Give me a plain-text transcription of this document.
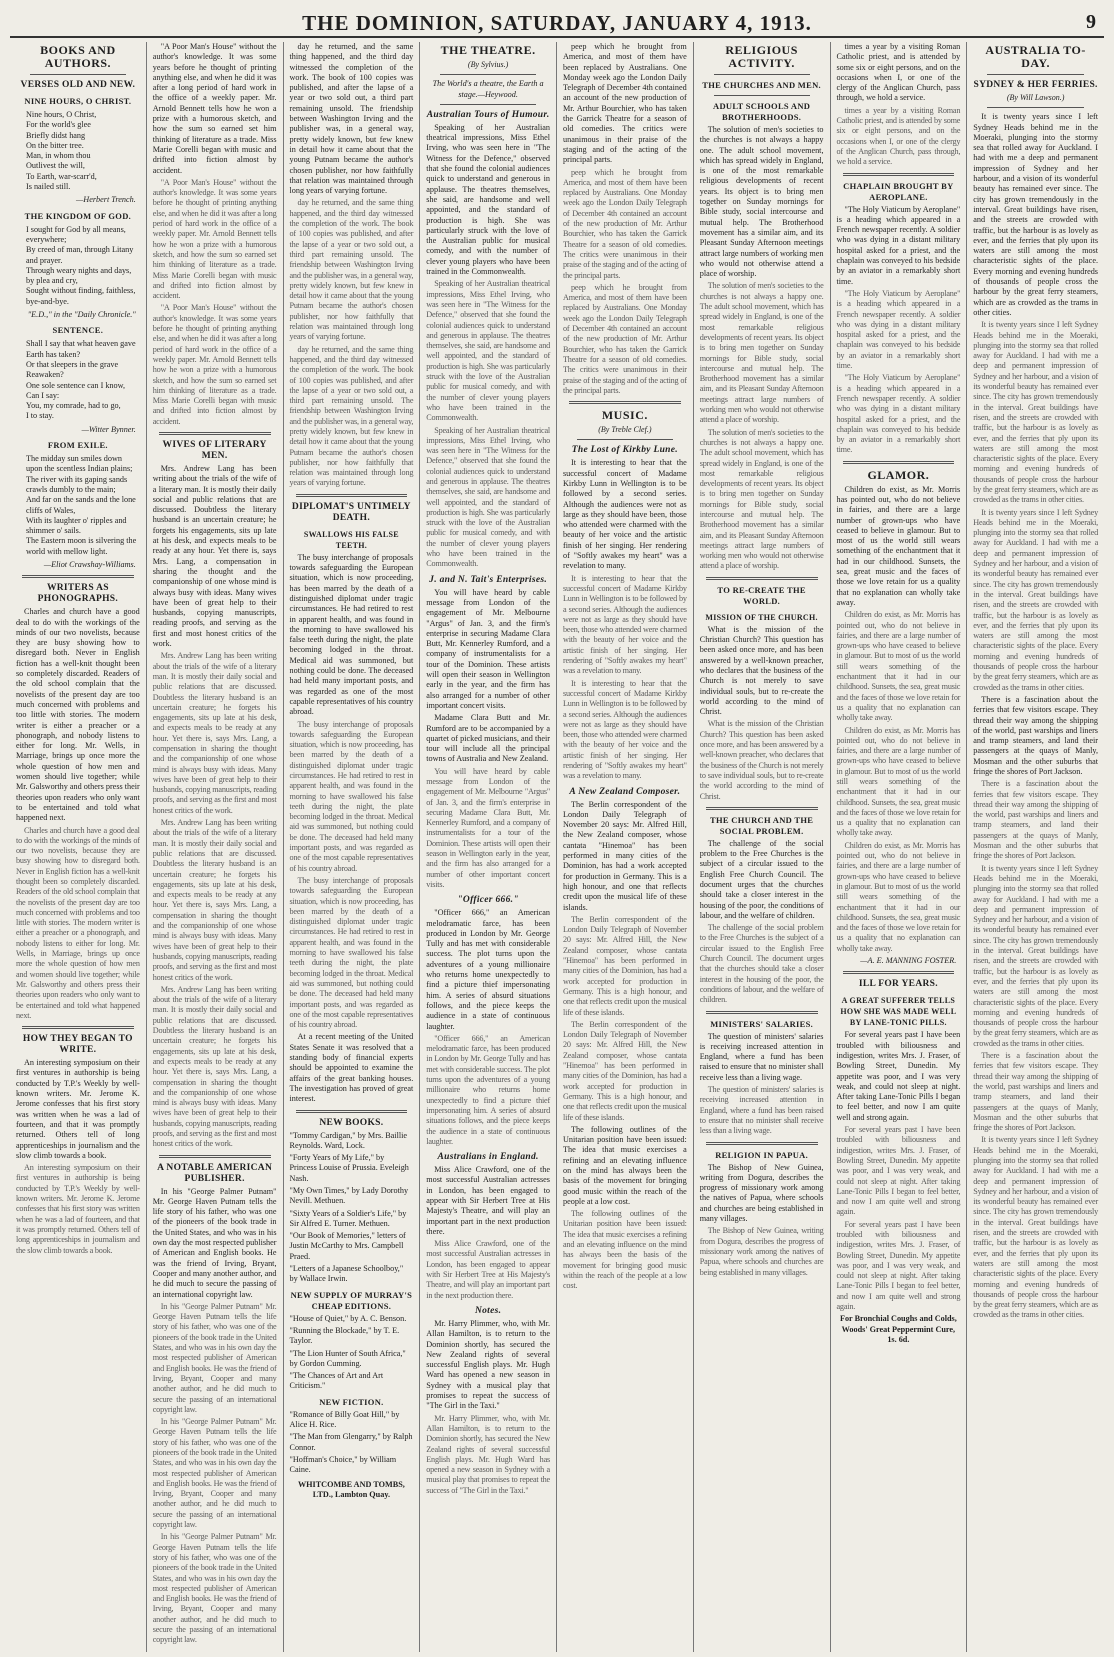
THE DOMINION, SATURDAY, JANUARY 4, 1913.	9
BOOKS AND AUTHORS.
VERSES OLD AND NEW.
NINE HOURS, O CHRIST.

Nine hours, O Christ,

For the world's glee

Briefly didst hang

On the bitter tree.

Man, in whom thou

Outlivest the will,

To Earth, war-scarr'd,

Is nailed still.

—Herbert Trench.
THE KINGDOM OF GOD.

I sought for God by all means, everywhere;

By creed of man, through Litany and prayer.

Through weary nights and days, by plea and cry,

Sought without finding, faithless, bye-and-bye.

"E.D.," in the "Daily Chronicle."
SENTENCE.

Shall I say that what heaven gave

Earth has taken?

Or that sleepers in the grave

Reawaken?

One sole sentence can I know,

Can I say:

You, my comrade, had to go,

I to stay.

—Witter Bynner.
FROM EXILE.

The midday sun smiles down upon the scentless Indian plains;

The river with its gaping sands crawls dumbly to the main;

And far on the sands and the lone cliffs of Wales,

With its laughter o' ripples and shimmer o' sails.

The Eastern moon is silvering the world with mellow light.

—Eliot Crawshay-Williams.
WRITERS AS PHONOGRAPHS.

Charles and church have a good deal to do with the workings of the minds of our two novelists, because they are busy showing how to disregard both. Never in English fiction has a well-knit thought been so completely discarded. Readers of the old school complain that the novelists of the present day are too much concerned with problems and too little with stories. The modern writer is either a preacher or a phonograph, and nobody listens to either for long. Mr. Wells, in Marriage, brings up once more the whole question of how men and women should live together; while Mr. Galsworthy and others press their theories upon readers who only want to be entertained and told what happened next.

Charles and church have a good deal to do with the workings of the minds of our two novelists, because they are busy showing how to disregard both. Never in English fiction has a well-knit thought been so completely discarded. Readers of the old school complain that the novelists of the present day are too much concerned with problems and too little with stories. The modern writer is either a preacher or a phonograph, and nobody listens to either for long. Mr. Wells, in Marriage, brings up once more the whole question of how men and women should live together; while Mr. Galsworthy and others press their theories upon readers who only want to be entertained and told what happened next.

HOW THEY BEGAN TO WRITE.

An interesting symposium on their first ventures in authorship is being conducted by T.P.'s Weekly by well-known writers. Mr. Jerome K. Jerome confesses that his first story was written when he was a lad of fourteen, and that it was promptly returned. Others tell of long apprenticeships in journalism and the slow climb towards a book.

An interesting symposium on their first ventures in authorship is being conducted by T.P.'s Weekly by well-known writers. Mr. Jerome K. Jerome confesses that his first story was written when he was a lad of fourteen, and that it was promptly returned. Others tell of long apprenticeships in journalism and the slow climb towards a book.

"A Poor Man's House" without the author's knowledge. It was some years before he thought of printing anything else, and when he did it was after a long period of hard work in the office of a weekly paper. Mr. Arnold Bennett tells how he won a prize with a humorous sketch, and how the sum so earned set him thinking of literature as a trade. Miss Marie Corelli began with music and drifted into fiction almost by accident.

"A Poor Man's House" without the author's knowledge. It was some years before he thought of printing anything else, and when he did it was after a long period of hard work in the office of a weekly paper. Mr. Arnold Bennett tells how he won a prize with a humorous sketch, and how the sum so earned set him thinking of literature as a trade. Miss Marie Corelli began with music and drifted into fiction almost by accident.

"A Poor Man's House" without the author's knowledge. It was some years before he thought of printing anything else, and when he did it was after a long period of hard work in the office of a weekly paper. Mr. Arnold Bennett tells how he won a prize with a humorous sketch, and how the sum so earned set him thinking of literature as a trade. Miss Marie Corelli began with music and drifted into fiction almost by accident.

WIVES OF LITERARY MEN.

Mrs. Andrew Lang has been writing about the trials of the wife of a literary man. It is mostly their daily social and public relations that are discussed. Doubtless the literary husband is an uncertain creature; he forgets his engagements, sits up late at his desk, and expects meals to be ready at any hour. Yet there is, says Mrs. Lang, a compensation in sharing the thought and the companionship of one whose mind is always busy with ideas. Many wives have been of great help to their husbands, copying manuscripts, reading proofs, and serving as the first and most honest critics of the work.

Mrs. Andrew Lang has been writing about the trials of the wife of a literary man. It is mostly their daily social and public relations that are discussed. Doubtless the literary husband is an uncertain creature; he forgets his engagements, sits up late at his desk, and expects meals to be ready at any hour. Yet there is, says Mrs. Lang, a compensation in sharing the thought and the companionship of one whose mind is always busy with ideas. Many wives have been of great help to their husbands, copying manuscripts, reading proofs, and serving as the first and most honest critics of the work.

Mrs. Andrew Lang has been writing about the trials of the wife of a literary man. It is mostly their daily social and public relations that are discussed. Doubtless the literary husband is an uncertain creature; he forgets his engagements, sits up late at his desk, and expects meals to be ready at any hour. Yet there is, says Mrs. Lang, a compensation in sharing the thought and the companionship of one whose mind is always busy with ideas. Many wives have been of great help to their husbands, copying manuscripts, reading proofs, and serving as the first and most honest critics of the work.

Mrs. Andrew Lang has been writing about the trials of the wife of a literary man. It is mostly their daily social and public relations that are discussed. Doubtless the literary husband is an uncertain creature; he forgets his engagements, sits up late at his desk, and expects meals to be ready at any hour. Yet there is, says Mrs. Lang, a compensation in sharing the thought and the companionship of one whose mind is always busy with ideas. Many wives have been of great help to their husbands, copying manuscripts, reading proofs, and serving as the first and most honest critics of the work.

A NOTABLE AMERICAN PUBLISHER.

In his "George Palmer Putnam" Mr. George Haven Putnam tells the life story of his father, who was one of the pioneers of the book trade in the United States, and who was in his own day the most respected publisher of American and English books. He was the friend of Irving, Bryant, Cooper and many another author, and he did much to secure the passing of an international copyright law.

In his "George Palmer Putnam" Mr. George Haven Putnam tells the life story of his father, who was one of the pioneers of the book trade in the United States, and who was in his own day the most respected publisher of American and English books. He was the friend of Irving, Bryant, Cooper and many another author, and he did much to secure the passing of an international copyright law.

In his "George Palmer Putnam" Mr. George Haven Putnam tells the life story of his father, who was one of the pioneers of the book trade in the United States, and who was in his own day the most respected publisher of American and English books. He was the friend of Irving, Bryant, Cooper and many another author, and he did much to secure the passing of an international copyright law.

In his "George Palmer Putnam" Mr. George Haven Putnam tells the life story of his father, who was one of the pioneers of the book trade in the United States, and who was in his own day the most respected publisher of American and English books. He was the friend of Irving, Bryant, Cooper and many another author, and he did much to secure the passing of an international copyright law.

day he returned, and the same thing happened, and the third day witnessed the completion of the work. The book of 100 copies was published, and after the lapse of a year or two sold out, a third part remaining unsold. The friendship between Washington Irving and the publisher was, in a general way, pretty widely known, but few knew in detail how it came about that the young Putnam became the author's chosen publisher, nor how faithfully that relation was maintained through long years of varying fortune.

day he returned, and the same thing happened, and the third day witnessed the completion of the work. The book of 100 copies was published, and after the lapse of a year or two sold out, a third part remaining unsold. The friendship between Washington Irving and the publisher was, in a general way, pretty widely known, but few knew in detail how it came about that the young Putnam became the author's chosen publisher, nor how faithfully that relation was maintained through long years of varying fortune.

day he returned, and the same thing happened, and the third day witnessed the completion of the work. The book of 100 copies was published, and after the lapse of a year or two sold out, a third part remaining unsold. The friendship between Washington Irving and the publisher was, in a general way, pretty widely known, but few knew in detail how it came about that the young Putnam became the author's chosen publisher, nor how faithfully that relation was maintained through long years of varying fortune.

DIPLOMAT'S UNTIMELY DEATH.
SWALLOWS HIS FALSE TEETH.

The busy interchange of proposals towards safeguarding the European situation, which is now proceeding, has been marred by the death of a distinguished diplomat under tragic circumstances. He had retired to rest in apparent health, and was found in the morning to have swallowed his false teeth during the night, the plate becoming lodged in the throat. Medical aid was summoned, but nothing could be done. The deceased had held many important posts, and was regarded as one of the most capable representatives of his country abroad.

The busy interchange of proposals towards safeguarding the European situation, which is now proceeding, has been marred by the death of a distinguished diplomat under tragic circumstances. He had retired to rest in apparent health, and was found in the morning to have swallowed his false teeth during the night, the plate becoming lodged in the throat. Medical aid was summoned, but nothing could be done. The deceased had held many important posts, and was regarded as one of the most capable representatives of his country abroad.

The busy interchange of proposals towards safeguarding the European situation, which is now proceeding, has been marred by the death of a distinguished diplomat under tragic circumstances. He had retired to rest in apparent health, and was found in the morning to have swallowed his false teeth during the night, the plate becoming lodged in the throat. Medical aid was summoned, but nothing could be done. The deceased had held many important posts, and was regarded as one of the most capable representatives of his country abroad.

At a recent meeting of the United States Senate it was resolved that a standing body of financial experts should be appointed to examine the affairs of the great banking houses. The investigation has proved of great interest.

NEW BOOKS.

"Tommy Cardigan," by Mrs. Baillie Reynolds. Ward, Lock.

"Forty Years of My Life," by Princess Louise of Prussia. Eveleigh Nash.

"My Own Times," by Lady Dorothy Nevill. Methuen.

"Sixty Years of a Soldier's Life," by Sir Alfred E. Turner. Methuen.

"Our Book of Memories," letters of Justin McCarthy to Mrs. Campbell Praed.

"Letters of a Japanese Schoolboy," by Wallace Irwin.

NEW SUPPLY OF MURRAY'S CHEAP EDITIONS.

"House of Quiet," by A. C. Benson.

"Running the Blockade," by T. E. Taylor.

"The Lion Hunter of South Africa," by Gordon Cumming.

"The Chances of Art and Art Criticism."

NEW FICTION.

"Romance of Billy Goat Hill," by Alice H. Rice.

"The Man from Glengarry," by Ralph Connor.

"Hoffman's Choice," by William Caine.

WHITCOMBE AND TOMBS, LTD., Lambton Quay.

THE THEATRE.
(By Sylvius.)

The World's a theatre, the Earth a stage.—Heywood.

Australian Tours of Humour.

Speaking of her Australian theatrical impressions, Miss Ethel Irving, who was seen here in "The Witness for the Defence," observed that she found the colonial audiences quick to understand and generous in applause. The theatres themselves, she said, are handsome and well appointed, and the standard of production is high. She was particularly struck with the love of the Australian public for musical comedy, and with the number of clever young players who have been trained in the Commonwealth.

Speaking of her Australian theatrical impressions, Miss Ethel Irving, who was seen here in "The Witness for the Defence," observed that she found the colonial audiences quick to understand and generous in applause. The theatres themselves, she said, are handsome and well appointed, and the standard of production is high. She was particularly struck with the love of the Australian public for musical comedy, and with the number of clever young players who have been trained in the Commonwealth.

Speaking of her Australian theatrical impressions, Miss Ethel Irving, who was seen here in "The Witness for the Defence," observed that she found the colonial audiences quick to understand and generous in applause. The theatres themselves, she said, are handsome and well appointed, and the standard of production is high. She was particularly struck with the love of the Australian public for musical comedy, and with the number of clever young players who have been trained in the Commonwealth.

J. and N. Tait's Enterprises.

You will have heard by cable message from London of the engagement of Mr. Melbourne "Argus" of Jan. 3, and the firm's enterprise in securing Madame Clara Butt, Mr. Kennerley Rumford, and a company of instrumentalists for a tour of the Dominion. These artists will open their season in Wellington early in the year, and the firm has also arranged for a number of other important concert visits.

Madame Clara Butt and Mr. Rumford are to be accompanied by a quartet of picked musicians, and their tour will include all the principal towns of Australia and New Zealand.

You will have heard by cable message from London of the engagement of Mr. Melbourne "Argus" of Jan. 3, and the firm's enterprise in securing Madame Clara Butt, Mr. Kennerley Rumford, and a company of instrumentalists for a tour of the Dominion. These artists will open their season in Wellington early in the year, and the firm has also arranged for a number of other important concert visits.

"Officer 666."

"Officer 666," an American melodramatic farce, has been produced in London by Mr. George Tully and has met with considerable success. The plot turns upon the adventures of a young millionaire who returns home unexpectedly to find a picture thief impersonating him. A series of absurd situations follows, and the piece keeps the audience in a state of continuous laughter.

"Officer 666," an American melodramatic farce, has been produced in London by Mr. George Tully and has met with considerable success. The plot turns upon the adventures of a young millionaire who returns home unexpectedly to find a picture thief impersonating him. A series of absurd situations follows, and the piece keeps the audience in a state of continuous laughter.

Australians in England.

Miss Alice Crawford, one of the most successful Australian actresses in London, has been engaged to appear with Sir Herbert Tree at His Majesty's Theatre, and will play an important part in the next production there.

Miss Alice Crawford, one of the most successful Australian actresses in London, has been engaged to appear with Sir Herbert Tree at His Majesty's Theatre, and will play an important part in the next production there.

Notes.

Mr. Harry Plimmer, who, with Mr. Allan Hamilton, is to return to the Dominion shortly, has secured the New Zealand rights of several successful English plays. Mr. Hugh Ward has opened a new season in Sydney with a musical play that promises to repeat the success of "The Girl in the Taxi."

Mr. Harry Plimmer, who, with Mr. Allan Hamilton, is to return to the Dominion shortly, has secured the New Zealand rights of several successful English plays. Mr. Hugh Ward has opened a new season in Sydney with a musical play that promises to repeat the success of "The Girl in the Taxi."

peep which he brought from America, and most of them have been replaced by Australians. One Monday week ago the London Daily Telegraph of December 4th contained an account of the new production of Mr. Arthur Bourchier, who has taken the Garrick Theatre for a season of old comedies. The critics were unanimous in their praise of the staging and of the acting of the principal parts.

peep which he brought from America, and most of them have been replaced by Australians. One Monday week ago the London Daily Telegraph of December 4th contained an account of the new production of Mr. Arthur Bourchier, who has taken the Garrick Theatre for a season of old comedies. The critics were unanimous in their praise of the staging and of the acting of the principal parts.

peep which he brought from America, and most of them have been replaced by Australians. One Monday week ago the London Daily Telegraph of December 4th contained an account of the new production of Mr. Arthur Bourchier, who has taken the Garrick Theatre for a season of old comedies. The critics were unanimous in their praise of the staging and of the acting of the principal parts.

MUSIC.
(By Treble Clef.)
The Lost of Kirkby Lune.

It is interesting to hear that the successful concert of Madame Kirkby Lunn in Wellington is to be followed by a second series. Although the audiences were not as large as they should have been, those who attended were charmed with the beauty of her voice and the artistic finish of her singing. Her rendering of "Softly awakes my heart" was a revelation to many.

It is interesting to hear that the successful concert of Madame Kirkby Lunn in Wellington is to be followed by a second series. Although the audiences were not as large as they should have been, those who attended were charmed with the beauty of her voice and the artistic finish of her singing. Her rendering of "Softly awakes my heart" was a revelation to many.

It is interesting to hear that the successful concert of Madame Kirkby Lunn in Wellington is to be followed by a second series. Although the audiences were not as large as they should have been, those who attended were charmed with the beauty of her voice and the artistic finish of her singing. Her rendering of "Softly awakes my heart" was a revelation to many.

A New Zealand Composer.

The Berlin correspondent of the London Daily Telegraph of November 20 says: Mr. Alfred Hill, the New Zealand composer, whose cantata "Hinemoa" has been performed in many cities of the Dominion, has had a work accepted for production in Germany. This is a high honour, and one that reflects credit upon the musical life of these islands.

The Berlin correspondent of the London Daily Telegraph of November 20 says: Mr. Alfred Hill, the New Zealand composer, whose cantata "Hinemoa" has been performed in many cities of the Dominion, has had a work accepted for production in Germany. This is a high honour, and one that reflects credit upon the musical life of these islands.

The Berlin correspondent of the London Daily Telegraph of November 20 says: Mr. Alfred Hill, the New Zealand composer, whose cantata "Hinemoa" has been performed in many cities of the Dominion, has had a work accepted for production in Germany. This is a high honour, and one that reflects credit upon the musical life of these islands.

The following outlines of the Unitarian position have been issued: The idea that music exercises a refining and an elevating influence on the mind has always been the basis of the movement for bringing good music within the reach of the people at a low cost.

The following outlines of the Unitarian position have been issued: The idea that music exercises a refining and an elevating influence on the mind has always been the basis of the movement for bringing good music within the reach of the people at a low cost.

RELIGIOUS ACTIVITY.
THE CHURCHES AND MEN.
ADULT SCHOOLS AND BROTHERHOODS.

The solution of men's societies to the churches is not always a happy one. The adult school movement, which has spread widely in England, is one of the most remarkable religious developments of recent years. Its object is to bring men together on Sunday mornings for Bible study, social intercourse and mutual help. The Brotherhood movement has a similar aim, and its Pleasant Sunday Afternoon meetings attract large numbers of working men who would not otherwise attend a place of worship.

The solution of men's societies to the churches is not always a happy one. The adult school movement, which has spread widely in England, is one of the most remarkable religious developments of recent years. Its object is to bring men together on Sunday mornings for Bible study, social intercourse and mutual help. The Brotherhood movement has a similar aim, and its Pleasant Sunday Afternoon meetings attract large numbers of working men who would not otherwise attend a place of worship.

The solution of men's societies to the churches is not always a happy one. The adult school movement, which has spread widely in England, is one of the most remarkable religious developments of recent years. Its object is to bring men together on Sunday mornings for Bible study, social intercourse and mutual help. The Brotherhood movement has a similar aim, and its Pleasant Sunday Afternoon meetings attract large numbers of working men who would not otherwise attend a place of worship.

TO RE-CREATE THE WORLD.
MISSION OF THE CHURCH.

What is the mission of the Christian Church? This question has been asked once more, and has been answered by a well-known preacher, who declares that the business of the Church is not merely to save individual souls, but to re-create the world according to the mind of Christ.

What is the mission of the Christian Church? This question has been asked once more, and has been answered by a well-known preacher, who declares that the business of the Church is not merely to save individual souls, but to re-create the world according to the mind of Christ.

THE CHURCH AND THE SOCIAL PROBLEM.

The challenge of the social problem to the Free Churches is the subject of a circular issued to the English Free Church Council. The document urges that the churches should take a closer interest in the housing of the poor, the conditions of labour, and the welfare of children.

The challenge of the social problem to the Free Churches is the subject of a circular issued to the English Free Church Council. The document urges that the churches should take a closer interest in the housing of the poor, the conditions of labour, and the welfare of children.

MINISTERS' SALARIES.

The question of ministers' salaries is receiving increased attention in England, where a fund has been raised to ensure that no minister shall receive less than a living wage.

The question of ministers' salaries is receiving increased attention in England, where a fund has been raised to ensure that no minister shall receive less than a living wage.

RELIGION IN PAPUA.

The Bishop of New Guinea, writing from Dogura, describes the progress of missionary work among the natives of Papua, where schools and churches are being established in many villages.

The Bishop of New Guinea, writing from Dogura, describes the progress of missionary work among the natives of Papua, where schools and churches are being established in many villages.

times a year by a visiting Roman Catholic priest, and is attended by some six or eight persons, and on the occasions when I, or one of the clergy of the Anglican Church, pass through, we hold a service.

times a year by a visiting Roman Catholic priest, and is attended by some six or eight persons, and on the occasions when I, or one of the clergy of the Anglican Church, pass through, we hold a service.

CHAPLAIN BROUGHT BY AEROPLANE.

"The Holy Viaticum by Aeroplane" is a heading which appeared in a French newspaper recently. A soldier who was dying in a distant military hospital asked for a priest, and the chaplain was conveyed to his bedside by an aviator in a remarkably short time.

"The Holy Viaticum by Aeroplane" is a heading which appeared in a French newspaper recently. A soldier who was dying in a distant military hospital asked for a priest, and the chaplain was conveyed to his bedside by an aviator in a remarkably short time.

"The Holy Viaticum by Aeroplane" is a heading which appeared in a French newspaper recently. A soldier who was dying in a distant military hospital asked for a priest, and the chaplain was conveyed to his bedside by an aviator in a remarkably short time.

GLAMOR.

Children do exist, as Mr. Morris has pointed out, who do not believe in fairies, and there are a large number of grown-ups who have ceased to believe in glamour. But to most of us the world still wears something of the enchantment that it had in our childhood. Sunsets, the sea, great music and the faces of those we love retain for us a quality that no explanation can wholly take away.

Children do exist, as Mr. Morris has pointed out, who do not believe in fairies, and there are a large number of grown-ups who have ceased to believe in glamour. But to most of us the world still wears something of the enchantment that it had in our childhood. Sunsets, the sea, great music and the faces of those we love retain for us a quality that no explanation can wholly take away.

Children do exist, as Mr. Morris has pointed out, who do not believe in fairies, and there are a large number of grown-ups who have ceased to believe in glamour. But to most of us the world still wears something of the enchantment that it had in our childhood. Sunsets, the sea, great music and the faces of those we love retain for us a quality that no explanation can wholly take away.

Children do exist, as Mr. Morris has pointed out, who do not believe in fairies, and there are a large number of grown-ups who have ceased to believe in glamour. But to most of us the world still wears something of the enchantment that it had in our childhood. Sunsets, the sea, great music and the faces of those we love retain for us a quality that no explanation can wholly take away.

—A. E. MANNING FOSTER.
ILL FOR YEARS.
A GREAT SUFFERER TELLS HOW SHE WAS MADE WELL BY LANE-TONIC PILLS.

For several years past I have been troubled with biliousness and indigestion, writes Mrs. J. Fraser, of Bowling Street, Dunedin. My appetite was poor, and I was very weak, and could not sleep at night. After taking Lane-Tonic Pills I began to feel better, and now I am quite well and strong again.

For several years past I have been troubled with biliousness and indigestion, writes Mrs. J. Fraser, of Bowling Street, Dunedin. My appetite was poor, and I was very weak, and could not sleep at night. After taking Lane-Tonic Pills I began to feel better, and now I am quite well and strong again.

For several years past I have been troubled with biliousness and indigestion, writes Mrs. J. Fraser, of Bowling Street, Dunedin. My appetite was poor, and I was very weak, and could not sleep at night. After taking Lane-Tonic Pills I began to feel better, and now I am quite well and strong again.

For Bronchial Coughs and Colds, Woods' Great Peppermint Cure, 1s. 6d.

AUSTRALIA TO-DAY.
SYDNEY & HER FERRIES.
(By Will Lawson.)

It is twenty years since I left Sydney Heads behind me in the Moeraki, plunging into the stormy sea that rolled away for Auckland. I had with me a deep and permanent impression of Sydney and her harbour, and a vision of its wonderful beauty has remained ever since. The city has grown tremendously in the interval. Great buildings have risen, and the streets are crowded with traffic, but the harbour is as lovely as ever, and the ferries that ply upon its waters are still among the most characteristic sights of the place. Every morning and evening hundreds of thousands of people cross the harbour by the great ferry steamers, which are as crowded as the trams in other cities.

It is twenty years since I left Sydney Heads behind me in the Moeraki, plunging into the stormy sea that rolled away for Auckland. I had with me a deep and permanent impression of Sydney and her harbour, and a vision of its wonderful beauty has remained ever since. The city has grown tremendously in the interval. Great buildings have risen, and the streets are crowded with traffic, but the harbour is as lovely as ever, and the ferries that ply upon its waters are still among the most characteristic sights of the place. Every morning and evening hundreds of thousands of people cross the harbour by the great ferry steamers, which are as crowded as the trams in other cities.

It is twenty years since I left Sydney Heads behind me in the Moeraki, plunging into the stormy sea that rolled away for Auckland. I had with me a deep and permanent impression of Sydney and her harbour, and a vision of its wonderful beauty has remained ever since. The city has grown tremendously in the interval. Great buildings have risen, and the streets are crowded with traffic, but the harbour is as lovely as ever, and the ferries that ply upon its waters are still among the most characteristic sights of the place. Every morning and evening hundreds of thousands of people cross the harbour by the great ferry steamers, which are as crowded as the trams in other cities.

There is a fascination about the ferries that few visitors escape. They thread their way among the shipping of the world, past warships and liners and tramp steamers, and land their passengers at the quays of Manly, Mosman and the other suburbs that fringe the shores of Port Jackson.

There is a fascination about the ferries that few visitors escape. They thread their way among the shipping of the world, past warships and liners and tramp steamers, and land their passengers at the quays of Manly, Mosman and the other suburbs that fringe the shores of Port Jackson.

It is twenty years since I left Sydney Heads behind me in the Moeraki, plunging into the stormy sea that rolled away for Auckland. I had with me a deep and permanent impression of Sydney and her harbour, and a vision of its wonderful beauty has remained ever since. The city has grown tremendously in the interval. Great buildings have risen, and the streets are crowded with traffic, but the harbour is as lovely as ever, and the ferries that ply upon its waters are still among the most characteristic sights of the place. Every morning and evening hundreds of thousands of people cross the harbour by the great ferry steamers, which are as crowded as the trams in other cities.

There is a fascination about the ferries that few visitors escape. They thread their way among the shipping of the world, past warships and liners and tramp steamers, and land their passengers at the quays of Manly, Mosman and the other suburbs that fringe the shores of Port Jackson.

It is twenty years since I left Sydney Heads behind me in the Moeraki, plunging into the stormy sea that rolled away for Auckland. I had with me a deep and permanent impression of Sydney and her harbour, and a vision of its wonderful beauty has remained ever since. The city has grown tremendously in the interval. Great buildings have risen, and the streets are crowded with traffic, but the harbour is as lovely as ever, and the ferries that ply upon its waters are still among the most characteristic sights of the place. Every morning and evening hundreds of thousands of people cross the harbour by the great ferry steamers, which are as crowded as the trams in other cities.
